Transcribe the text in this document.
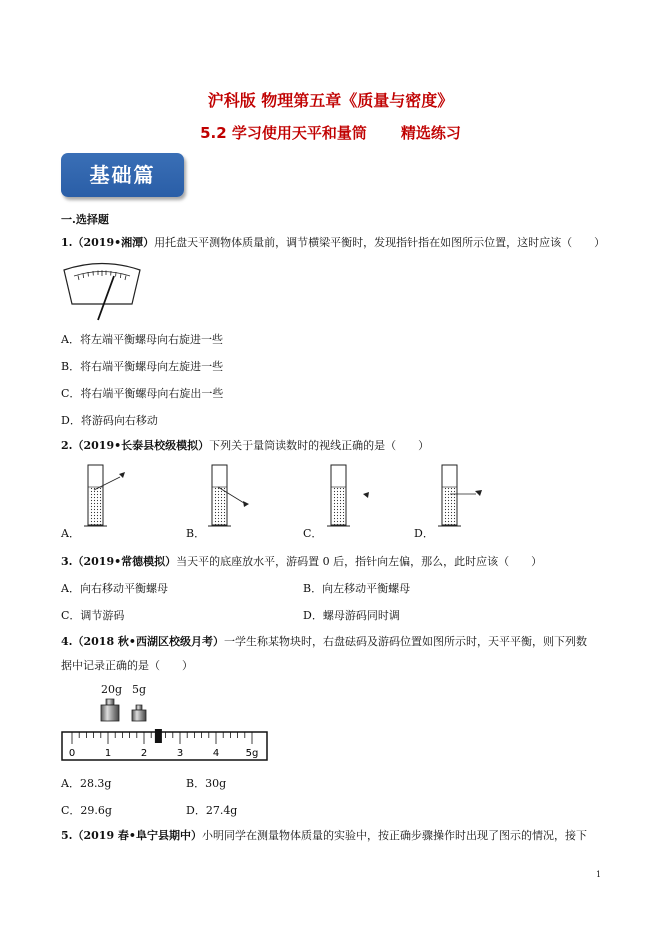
沪科版 物理第五章《质量与密度》
5.2 学习使用天平和量筒 精选练习
基础篇
一.选择题
1.（2019•湘潭）用托盘天平测物体质量前，调节横梁平衡时，发现指针指在如图所示位置，这时应该（　　）
A．将左端平衡螺母向右旋进一些
B．将右端平衡螺母向左旋进一些
C．将右端平衡螺母向右旋出一些
D．将游码向右移动
2.（2019•长泰县校级模拟）下列关于量筒读数时的视线正确的是（　　）
A．	B．	C．	D．
3.（2019•常德模拟）当天平的底座放水平，游码置 0 后，指针向左偏，那么，此时应该（　　）
A．向右移动平衡螺母	B．向左移动平衡螺母
C．调节游码	D．螺母游码同时调
4.（2018 秋•西湖区校级月考）一学生称某物块时，右盘砝码及游码位置如图所示时，天平平衡，则下列数
据中记录正确的是（　　）
20g 5g
0	1	2	3	4	5g
A．28.3g	B．30g
C．29.6g	D．27.4g
5.（2019 春•阜宁县期中）小明同学在测量物体质量的实验中，按正确步骤操作时出现了图示的情况，接下
1
